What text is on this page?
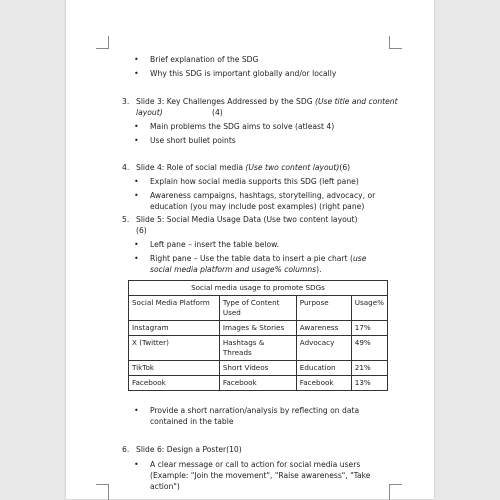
• Brief explanation of the SDG
• Why this SDG is important globally and/or locally
3. Slide 3: Key Challenges Addressed by the SDG (Use title and content
layout)	(4)
• Main problems the SDG aims to solve (atleast 4)
• Use short bullet points
4. Slide 4: Role of social media (Use two content layout)(6)
• Explain how social media supports this SDG (left pane)
• Awareness campaigns, hashtags, storytelling, advocacy, or education (you may include post examples) (right pane)
5. Slide 5: Social Media Usage Data (Use two content layout)
(6)
• Left pane – insert the table below.
• Right pane – Use the table data to insert a pie chart (use social media platform and usage% columns).
Social media usage to promote SDGs			
Social Media Platform	Type of Content Used	Purpose	Usage%
Instagram	Images & Stories	Awareness	17%
X (Twitter)	Hashtags & Threads	Advocacy	49%
TikTok	Short Videos	Education	21%
Facebook	Facebook	Facebook	13%
• Provide a short narration/analysis by reflecting on data contained in the table
6. Slide 6: Design a Poster(10)
• A clear message or call to action for social media users (Example: "Join the movement", "Raise awareness", "Take action")
